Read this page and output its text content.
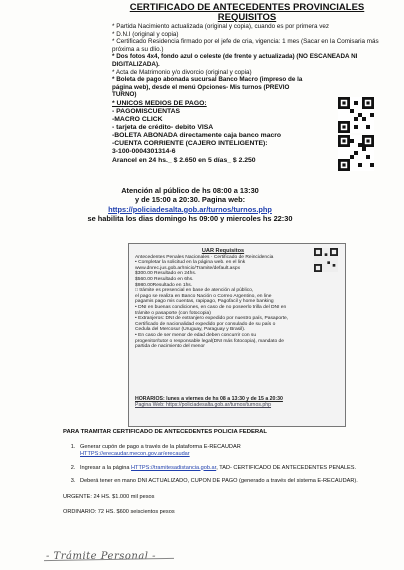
CERTIFICADO DE ANTECEDENTES PROVINCIALES
REQUISITOS
* Partida Nacimiento actualizada (original y copia), cuando es por primera vez
* D.N.I (original y copia)
* Certificado Residencia firmado por el jefe de cria, vigencia: 1 mes (Sacar en la Comisaria más próxima a su dlio.)
* Dos fotos 4x4, fondo azul o celeste (de frente y actualizada) (NO ESCANEADA NI DIGITALIZADA).
* Acta de Matrimonio y/o divorcio (original y copia)
* Boleta de pago abonada sucursal Banco Macro (impreso de la página web), desde el menú Opciones- Mis turnos (PREVIO TURNO)
* UNICOS MEDIOS DE PAGO:
- PAGOMISCUENTAS
-MACRO CLICK
- tarjeta de crédito- debito VISA
-BOLETA ABONADA directamente caja banco macro
-CUENTA CORRIENTE (CAJERO INTELIGENTE):
3-100-0004301314-6
Arancel en 24 hs._ $ 2.650 en 5 días_ $ 2.250
Atención al público de hs 08:00 a 13:30
y de 15:00 a 20:30. Pagina web:
https://policiadesalta.gob.ar/turnos/turnos.php
se habilita los dias domingo hs 09:00 y miercoles hs 22:30
UAR Requisitos
Antecedentes Penales Nacionales · Certificado de Reincidencia
• Completar la solicitud en la página web. en el link
www.dnrec.jus.gob.ar/Inicio/Tramite/default.aspx
$300.00 Resultado en 24hs.
$560.00 Resultado en 6hs.
$980.00Resultado en 1hs.
□ trámite es presencial en base de atención al público,
el pago se realiza en Banco Nación o Correo Argentino, en line
pagamis pago mis cuentas, rapipago, Pagofacil y home banking
• DNI en buenas condiciones, en caso de no poseerlo trilla del DNI en
trámite o pasaporte (con fotocopia)
• Extranjeros: DNI de extranjero expedido por nuestro país, Pasaporte,
Certificado de nacionalidad expedido por consulado de su país o
Cedula del Mercosur (Uruguay, Paraguay y Brasil).
• En caso de ser menor de edad deben concurrir con su
progenitor/tutor o responsable legal(DNI más fotocopia), mandato de
partida de nacimiento del menor
HORARIOS: lunes a viernes de hs 08 a 13:30 y de 15 a 20:30
Pagina Web: https://policiadesalta.gob.ar/turnos/turnos.php
PARA TRAMITAR CERTIFICADO DE ANTECEDENTES POLICIA FEDERAL
1. Generar cupón de pago a través de la plataforma E-RECAUDAR
HTTPS://erecaudar.mecon.gov.ar/erecaudar
2. Ingresar a la página HTTPS://tramitesadistancia.gob.ar, TAD- CERTIFICADO DE ANTECEDENTES PENALES.
3. Deberá tener en mano DNI ACTUALIZADO, CUPON DE PAGO (generado a través del sistema E-RECAUDAR).
URGENTE: 24 HS. $1.000 mil pesos
ORDINARIO: 72 HS. $600 seiscientos pesos
- Trámite Personal -
